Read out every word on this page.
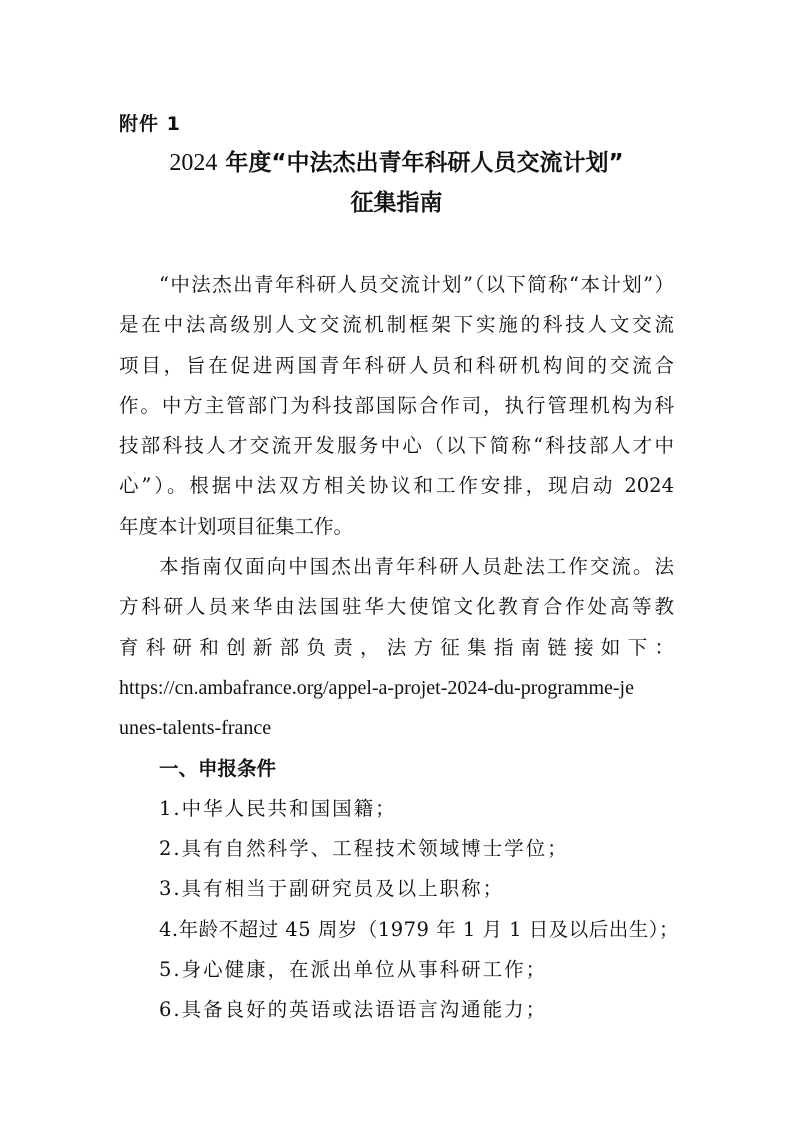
附件 1
2024 年度“中法杰出青年科研人员交流计划”
征集指南
“中法杰出青年科研人员交流计划”（以下简称“本计划”）
是在中法高级别人文交流机制框架下实施的科技人文交流
项目，旨在促进两国青年科研人员和科研机构间的交流合
作。中方主管部门为科技部国际合作司，执行管理机构为科
技部科技人才交流开发服务中心（以下简称“科技部人才中
心”）。根据中法双方相关协议和工作安排，现启动 2024
年度本计划项目征集工作。
本指南仅面向中国杰出青年科研人员赴法工作交流。法
方科研人员来华由法国驻华大使馆文化教育合作处高等教
育科研和创新部负责，法方征集指南链接如下：
https://cn.ambafrance.org/appel-a-projet-2024-du-programme-je
unes-talents-france
一、申报条件
1.中华人民共和国国籍；
2.具有自然科学、工程技术领域博士学位；
3.具有相当于副研究员及以上职称；
4.年龄不超过 45 周岁（1979 年 1 月 1 日及以后出生）；
5.身心健康，在派出单位从事科研工作；
6.具备良好的英语或法语语言沟通能力；
